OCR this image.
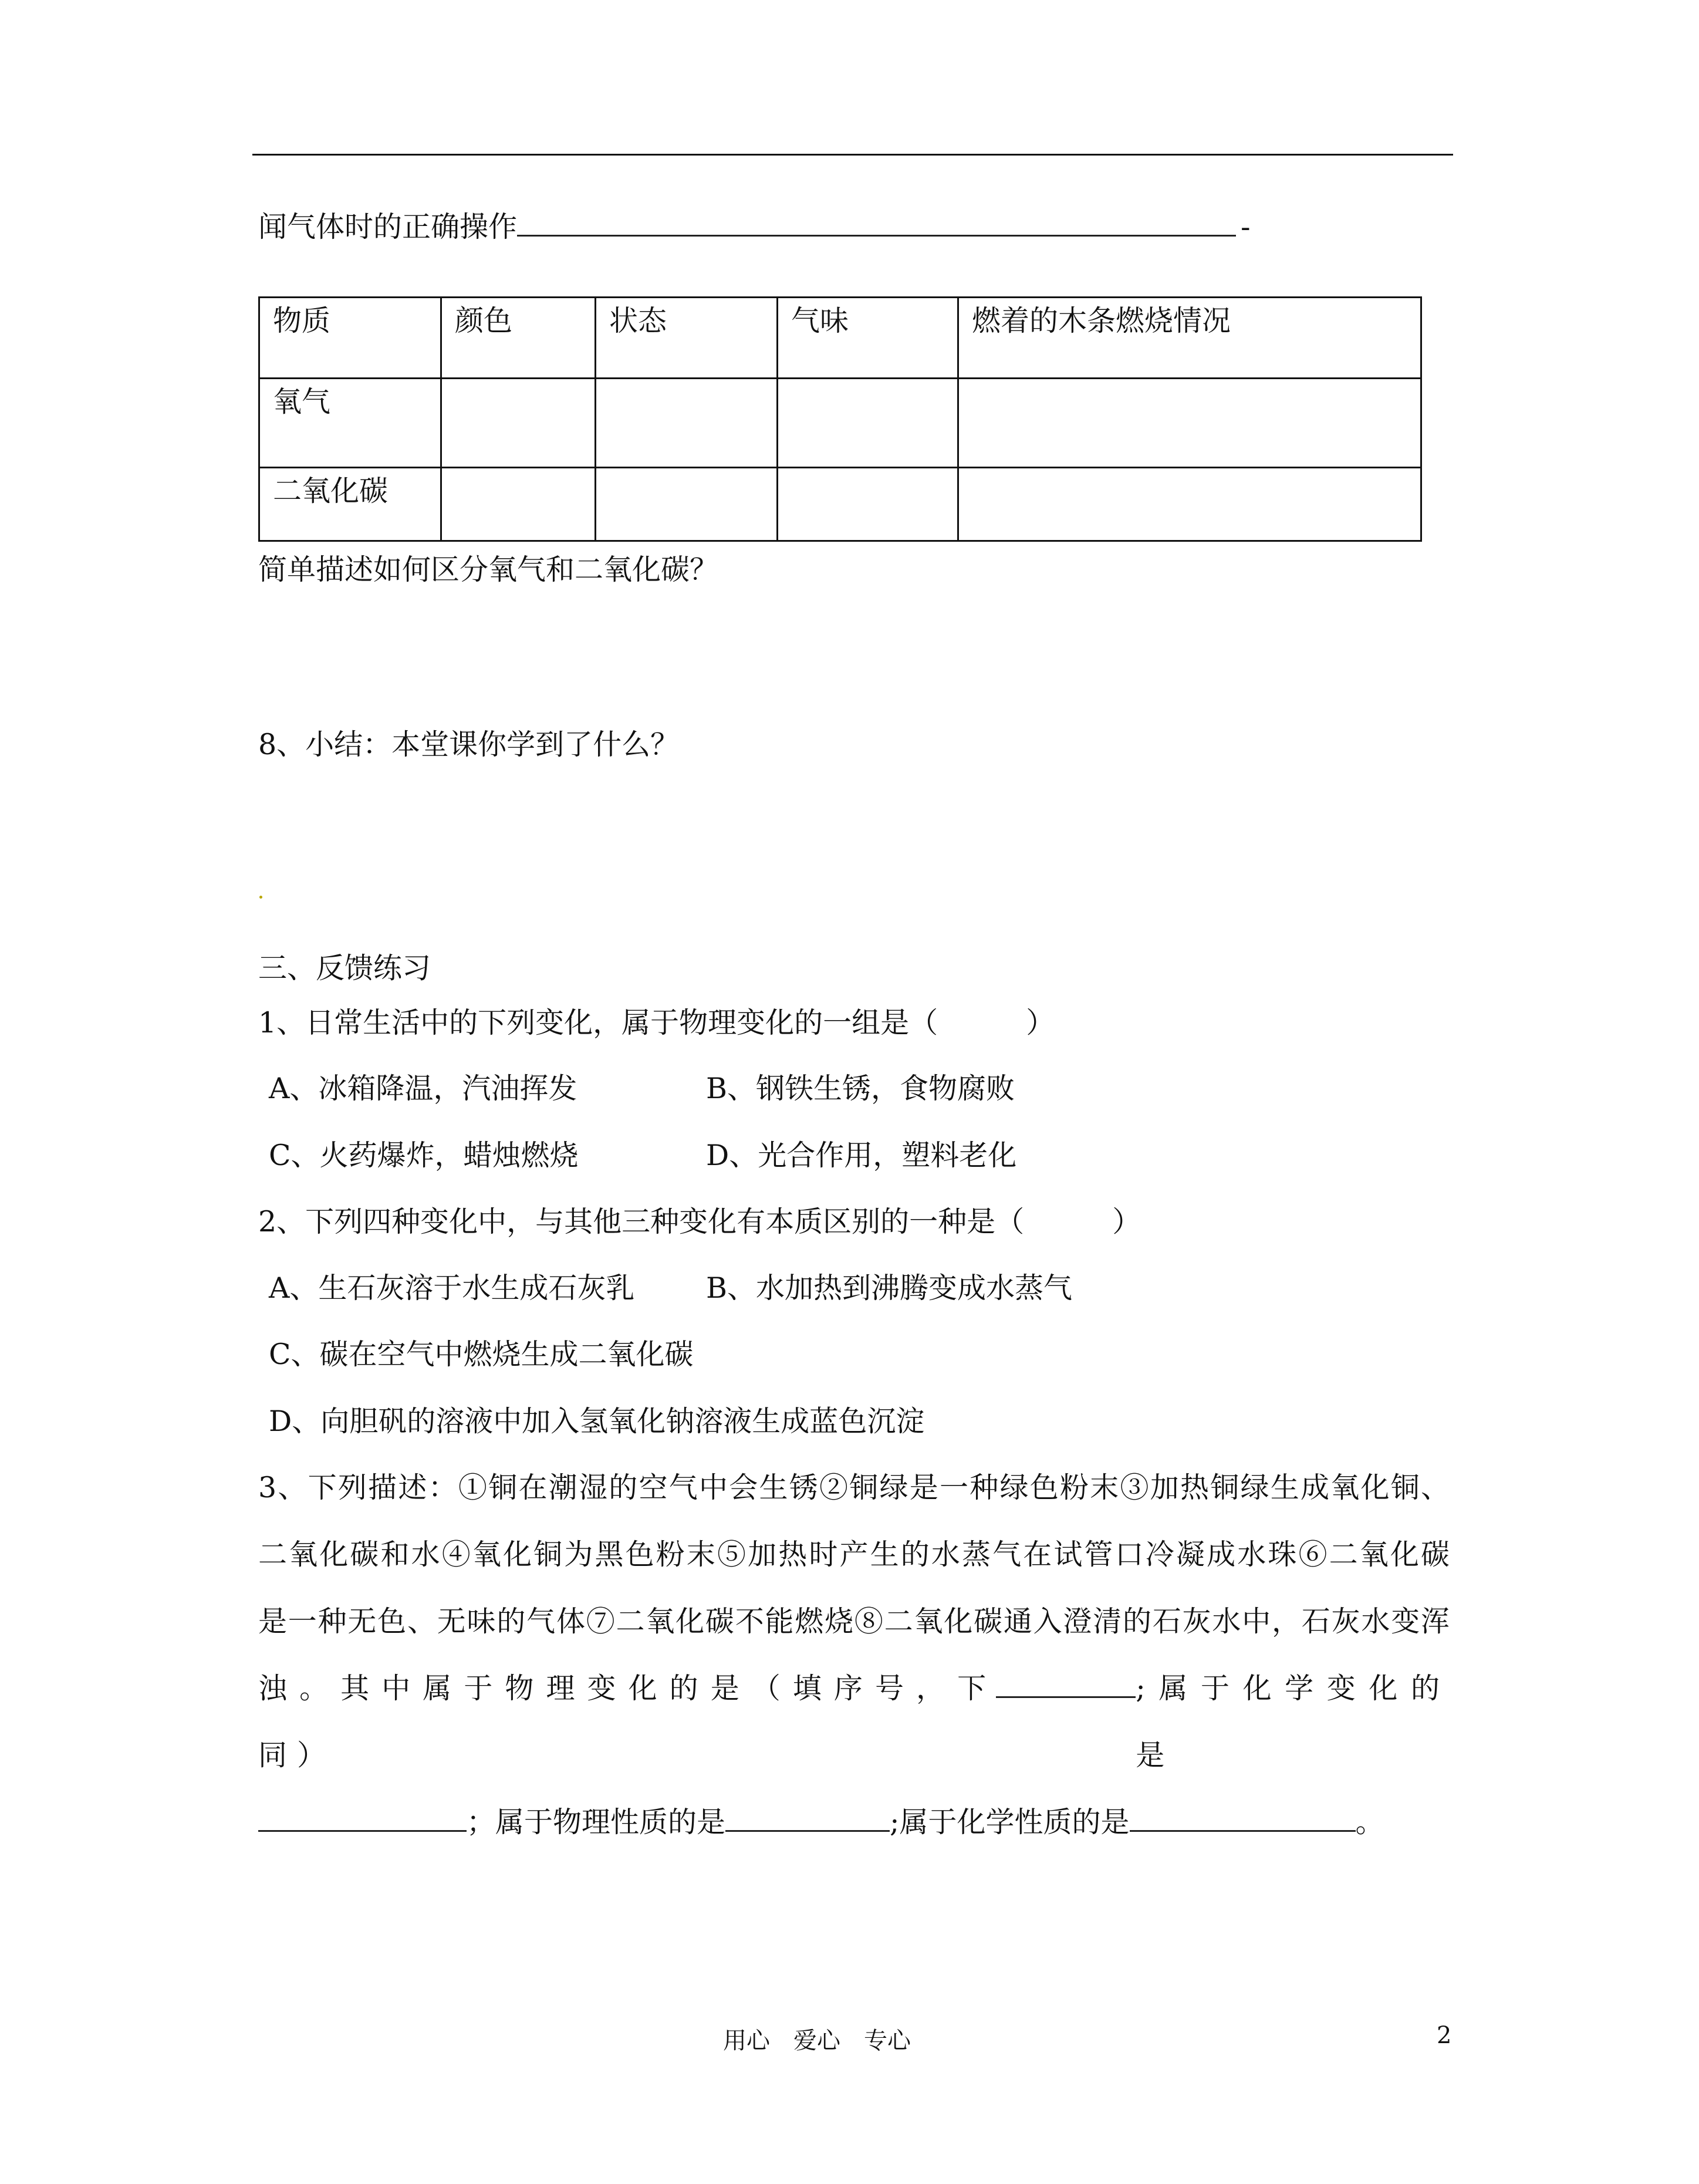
闻气体时的正确操作	-
物质	颜色	状态	气味	燃着的木条燃烧情况
氧气				
二氧化碳				
简单描述如何区分氧气和二氧化碳？
8、小结：本堂课你学到了什么？
三、反馈练习
1、日常生活中的下列变化，属于物理变化的一组是（	）
A、冰箱降温，汽油挥发	B、钢铁生锈，食物腐败
C、火药爆炸，蜡烛燃烧	D、光合作用，塑料老化
2、下列四种变化中，与其他三种变化有本质区别的一种是（	）
A、生石灰溶于水生成石灰乳 B、水加热到沸腾变成水蒸气
C、碳在空气中燃烧生成二氧化碳
D、向胆矾的溶液中加入氢氧化钠溶液生成蓝色沉淀
3、下列描述：①铜在潮湿的空气中会生锈②铜绿是一种绿色粉末③加热铜绿生成氧化铜、
二氧化碳和水④氧化铜为黑色粉末⑤加热时产生的水蒸气在试管口冷凝成水珠⑥二氧化碳
是一种无色、无味的气体⑦二氧化碳不能燃烧⑧二氧化碳通入澄清的石灰水中，石灰水变浑
浊。其中属于物理变化的是（填序号，下同）
;属于化学变化的是
；属于物理性质的是	;属于化学性质的是	。
用心　爱心　专心	2
